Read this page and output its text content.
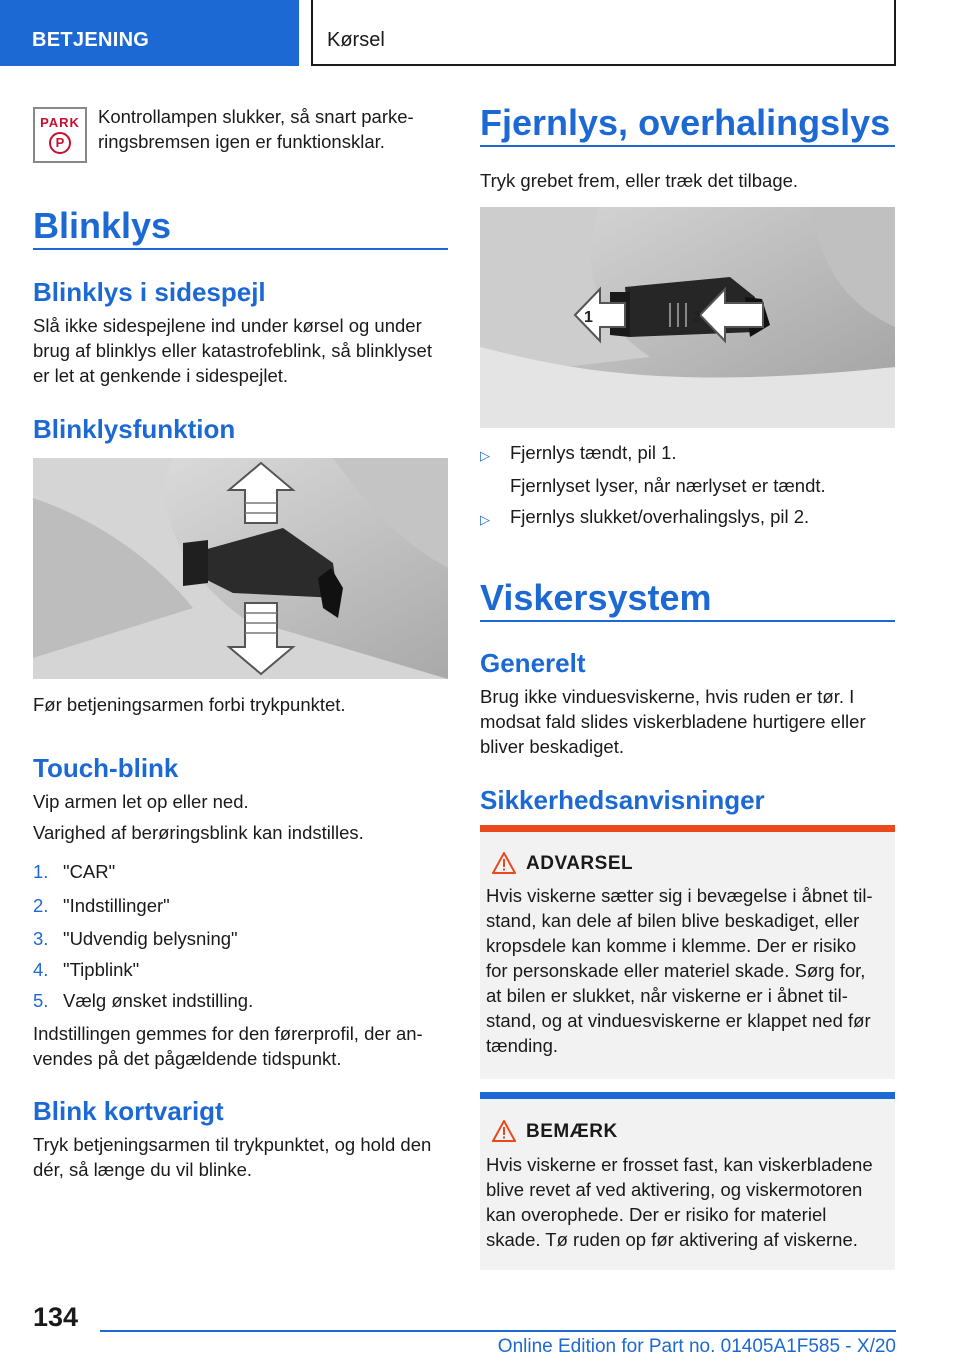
BETJENING	Kørsel
PARK
P
Kontrollampen slukker, så snart parke-
ringsbremsen igen er funktionsklar.
Blinklys
Blinklys i sidespejl
Slå ikke sidespejlene ind under kørsel og under
brug af blinklys eller katastrofeblink, så blinklyset
er let at genkende i sidespejlet.
Blinklysfunktion
Før betjeningsarmen forbi trykpunktet.
Touch-blink
Vip armen let op eller ned.
Varighed af berøringsblink kan indstilles.
1. "CAR"
2. "Indstillinger"
3. "Udvendig belysning"
4. "Tipblink"
5. Vælg ønsket indstilling.
Indstillingen gemmes for den førerprofil, der an-
vendes på det pågældende tidspunkt.
Blink kortvarigt
Tryk betjeningsarmen til trykpunktet, og hold den
dér, så længe du vil blinke.
Fjernlys, overhalingslys
Tryk grebet frem, eller træk det tilbage.
1	2
▷ Fjernlys tændt, pil 1.
Fjernlyset lyser, når nærlyset er tændt.
▷ Fjernlys slukket/overhalingslys, pil 2.
Viskersystem
Generelt
Brug ikke vinduesviskerne, hvis ruden er tør. I
modsat fald slides viskerbladene hurtigere eller
bliver beskadiget.
Sikkerhedsanvisninger
ADVARSEL
Hvis viskerne sætter sig i bevægelse i åbnet til-
stand, kan dele af bilen blive beskadiget, eller
kropsdele kan komme i klemme. Der er risiko
for personskade eller materiel skade. Sørg for,
at bilen er slukket, når viskerne er i åbnet til-
stand, og at vinduesviskerne er klappet ned før
tænding.
BEMÆRK
Hvis viskerne er frosset fast, kan viskerbladene
blive revet af ved aktivering, og viskermotoren
kan overophede. Der er risiko for materiel
skade. Tø ruden op før aktivering af viskerne.
134
Online Edition for Part no. 01405A1F585 - X/20
